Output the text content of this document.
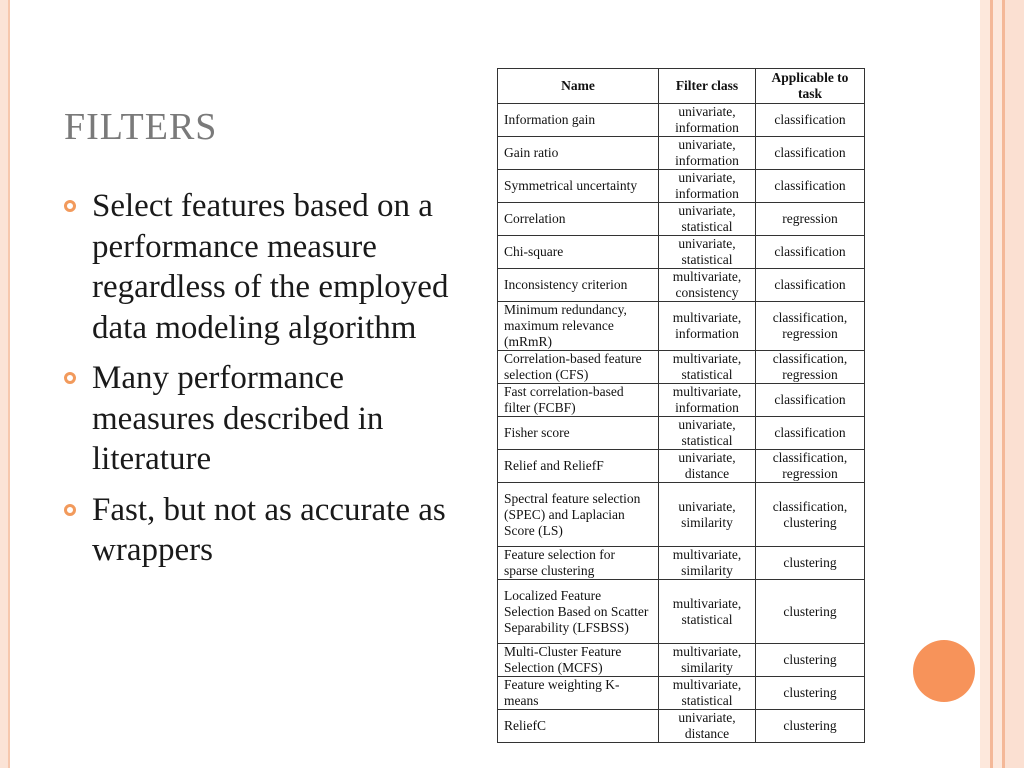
FILTERS
Select features based on a performance measure regardless of the employed data modeling algorithm
Many performance measures described in literature
Fast, but not as accurate as wrappers
Name	Filter class	Applicable to task
Information gain	univariate, information	classification
Gain ratio	univariate, information	classification
Symmetrical uncertainty	univariate, information	classification
Correlation	univariate, statistical	regression
Chi-square	univariate, statistical	classification
Inconsistency criterion	multivariate, consistency	classification
Minimum redundancy, maximum relevance (mRmR)	multivariate, information	classification, regression
Correlation-based feature selection (CFS)	multivariate, statistical	classification, regression
Fast correlation-based filter (FCBF)	multivariate, information	classification
Fisher score	univariate, statistical	classification
Relief and ReliefF	univariate, distance	classification, regression
Spectral feature selection (SPEC) and Laplacian Score (LS)	univariate, similarity	classification, clustering
Feature selection for sparse clustering	multivariate, similarity	clustering
Localized Feature Selection Based on Scatter Separability (LFSBSS)	multivariate, statistical	clustering
Multi-Cluster Feature Selection (MCFS)	multivariate, similarity	clustering
Feature weighting K-means	multivariate, statistical	clustering
ReliefC	univariate, distance	clustering
